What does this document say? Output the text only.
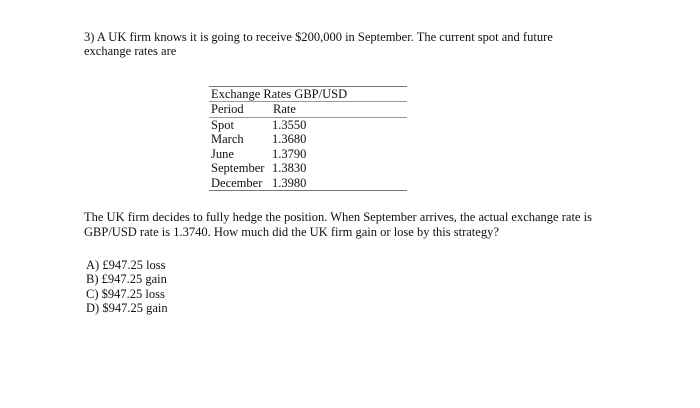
3) A UK firm knows it is going to receive $200,000 in September. The current spot and future
exchange rates are
Exchange Rates GBP/USD
Period Rate
Spot	1.3550
March 1.3680
June	1.3790
September 1.3830
December 1.3980
The UK firm decides to fully hedge the position. When September arrives, the actual exchange rate is
GBP/USD rate is 1.3740. How much did the UK firm gain or lose by this strategy?
A) £947.25 loss
B) £947.25 gain
C) $947.25 loss
D) $947.25 gain
